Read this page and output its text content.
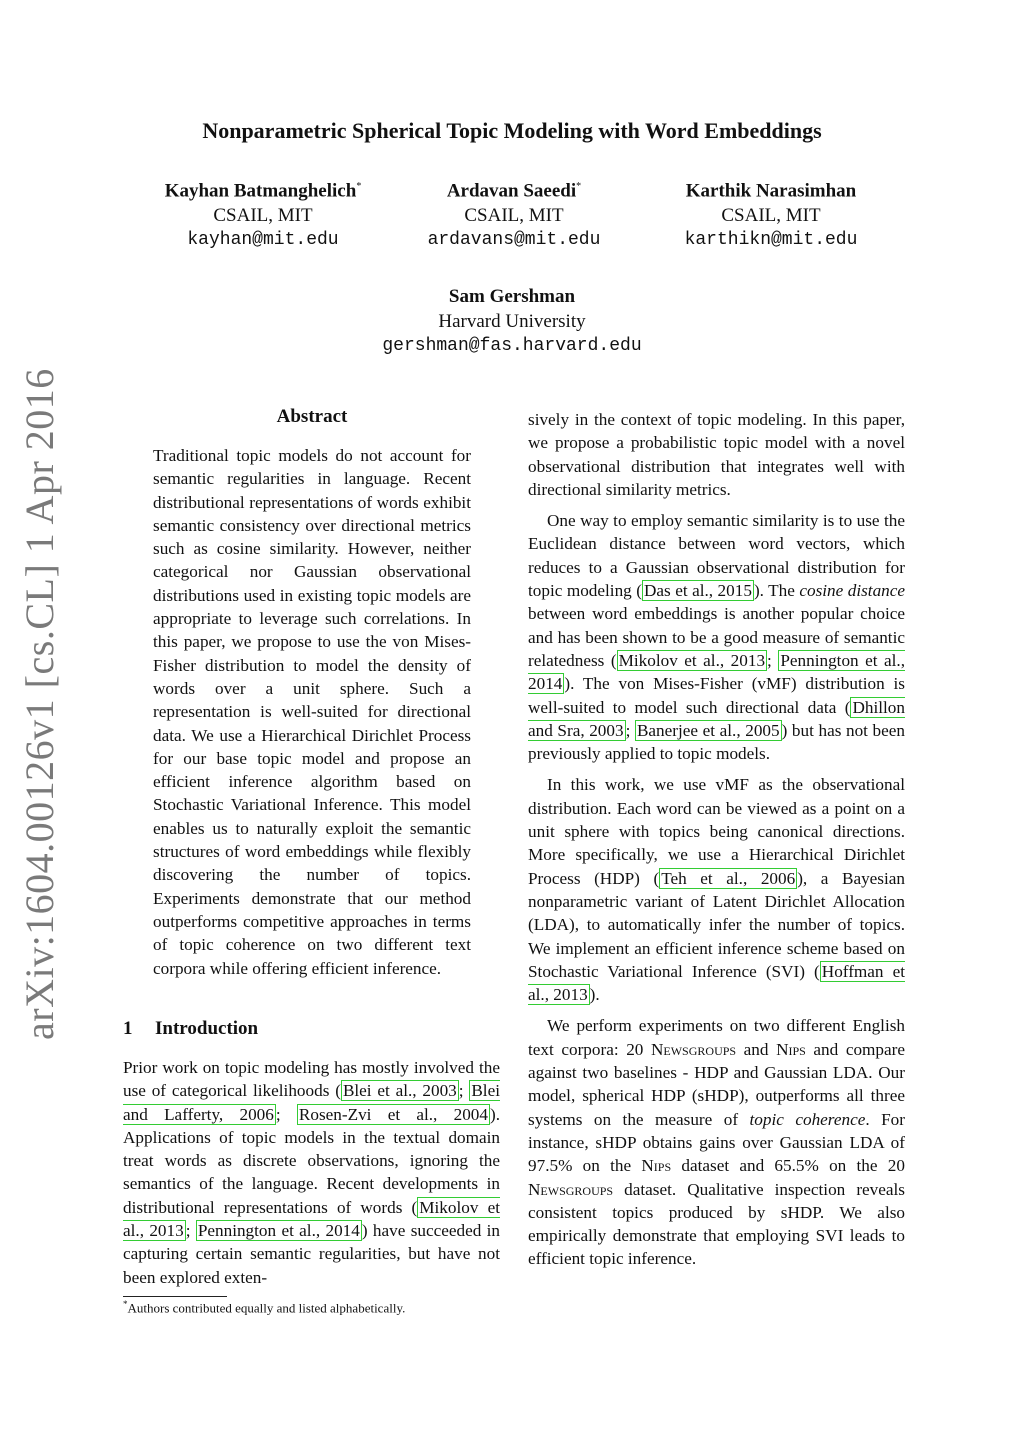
Nonparametric Spherical Topic Modeling with Word Embeddings
Kayhan Batmanghelich*
CSAIL, MIT
kayhan@mit.edu
Ardavan Saeedi*
CSAIL, MIT
ardavans@mit.edu
Karthik Narasimhan
CSAIL, MIT
karthikn@mit.edu
Sam Gershman
Harvard University
gershman@fas.harvard.edu
arXiv:1604.00126v1 [cs.CL] 1 Apr 2016	Abstract
Traditional topic models do not account for semantic regularities in language. Recent distributional representations of words exhibit semantic consistency over directional metrics such as cosine similarity. However, neither categorical nor Gaussian observational distributions used in existing topic models are appropriate to leverage such correlations. In this paper, we propose to use the von Mises-Fisher distribution to model the density of words over a unit sphere. Such a representation is well-suited for directional data. We use a Hierarchical Dirichlet Process for our base topic model and propose an efficient inference algorithm based on Stochastic Variational Inference. This model enables us to naturally exploit the semantic structures of word embeddings while flexibly discovering the number of topics. Experiments demonstrate that our method outperforms competitive approaches in terms of topic coherence on two different text corpora while offering efficient inference.
1 Introduction

Prior work on topic modeling has mostly involved the use of categorical likelihoods ( Blei et al., 2003 ; Blei and Lafferty, 2006 ; Rosen-Zvi et al., 2004 ). Applications of topic models in the textual domain treat words as discrete observations, ignoring the semantics of the language. Recent developments in distributional representations of words ( Mikolov et al., 2013 ; Pennington et al., 2014 ) have succeeded in capturing certain semantic regularities, but have not been explored exten-

*Authors contributed equally and listed alphabetically.

sively in the context of topic modeling. In this paper, we propose a probabilistic topic model with a novel observational distribution that integrates well with directional similarity metrics.

One way to employ semantic similarity is to use the Euclidean distance between word vectors, which reduces to a Gaussian observational distribution for topic modeling ( Das et al., 2015 ). The cosine distance between word embeddings is another popular choice and has been shown to be a good measure of semantic relatedness ( Mikolov et al., 2013 ; Pennington et al., 2014 ). The von Mises-Fisher (vMF) distribution is well-suited to model such directional data ( Dhillon and Sra, 2003 ; Banerjee et al., 2005 ) but has not been previously applied to topic models.

In this work, we use vMF as the observational distribution. Each word can be viewed as a point on a unit sphere with topics being canonical directions. More specifically, we use a Hierarchical Dirichlet Process (HDP) ( Teh et al., 2006 ), a Bayesian nonparametric variant of Latent Dirichlet Allocation (LDA), to automatically infer the number of topics. We implement an efficient inference scheme based on Stochastic Variational Inference (SVI) ( Hoffman et al., 2013 ).

We perform experiments on two different English text corpora: 20 Newsgroups and Nips and compare against two baselines - HDP and Gaussian LDA. Our model, spherical HDP (sHDP), outperforms all three systems on the measure of topic coherence. For instance, sHDP obtains gains over Gaussian LDA of 97.5% on the Nips dataset and 65.5% on the 20 Newsgroups dataset. Qualitative inspection reveals consistent topics produced by sHDP. We also empirically demonstrate that employing SVI leads to efficient topic inference.
